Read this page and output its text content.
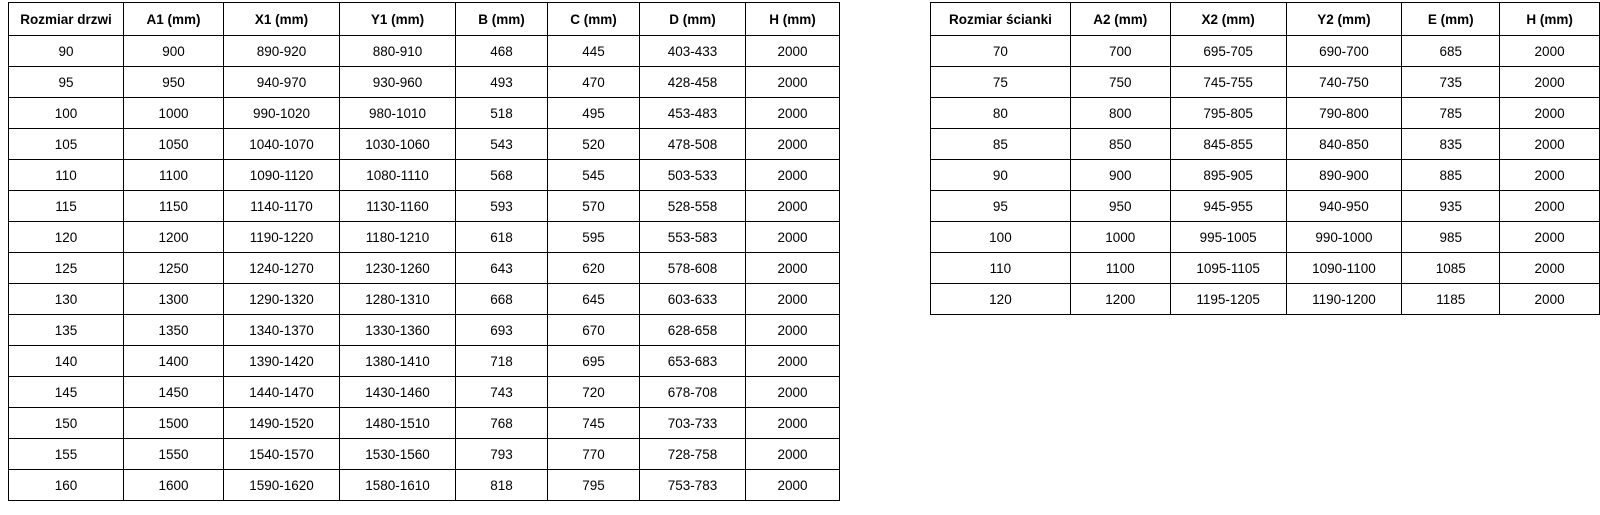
Rozmiar drzwi	A1 (mm)	X1 (mm)	Y1 (mm)	B (mm)	C (mm)	D (mm)	H (mm)
90	900	890-920	880-910	468	445	403-433	2000
95	950	940-970	930-960	493	470	428-458	2000
100	1000	990-1020	980-1010	518	495	453-483	2000
105	1050	1040-1070	1030-1060	543	520	478-508	2000
110	1100	1090-1120	1080-1110	568	545	503-533	2000
115	1150	1140-1170	1130-1160	593	570	528-558	2000
120	1200	1190-1220	1180-1210	618	595	553-583	2000
125	1250	1240-1270	1230-1260	643	620	578-608	2000
130	1300	1290-1320	1280-1310	668	645	603-633	2000
135	1350	1340-1370	1330-1360	693	670	628-658	2000
140	1400	1390-1420	1380-1410	718	695	653-683	2000
145	1450	1440-1470	1430-1460	743	720	678-708	2000
150	1500	1490-1520	1480-1510	768	745	703-733	2000
155	1550	1540-1570	1530-1560	793	770	728-758	2000
160	1600	1590-1620	1580-1610	818	795	753-783	2000
Rozmiar ścianki	A2 (mm)	X2 (mm)	Y2 (mm)	E (mm)	H (mm)
70	700	695-705	690-700	685	2000
75	750	745-755	740-750	735	2000
80	800	795-805	790-800	785	2000
85	850	845-855	840-850	835	2000
90	900	895-905	890-900	885	2000
95	950	945-955	940-950	935	2000
100	1000	995-1005	990-1000	985	2000
110	1100	1095-1105	1090-1100	1085	2000
120	1200	1195-1205	1190-1200	1185	2000
